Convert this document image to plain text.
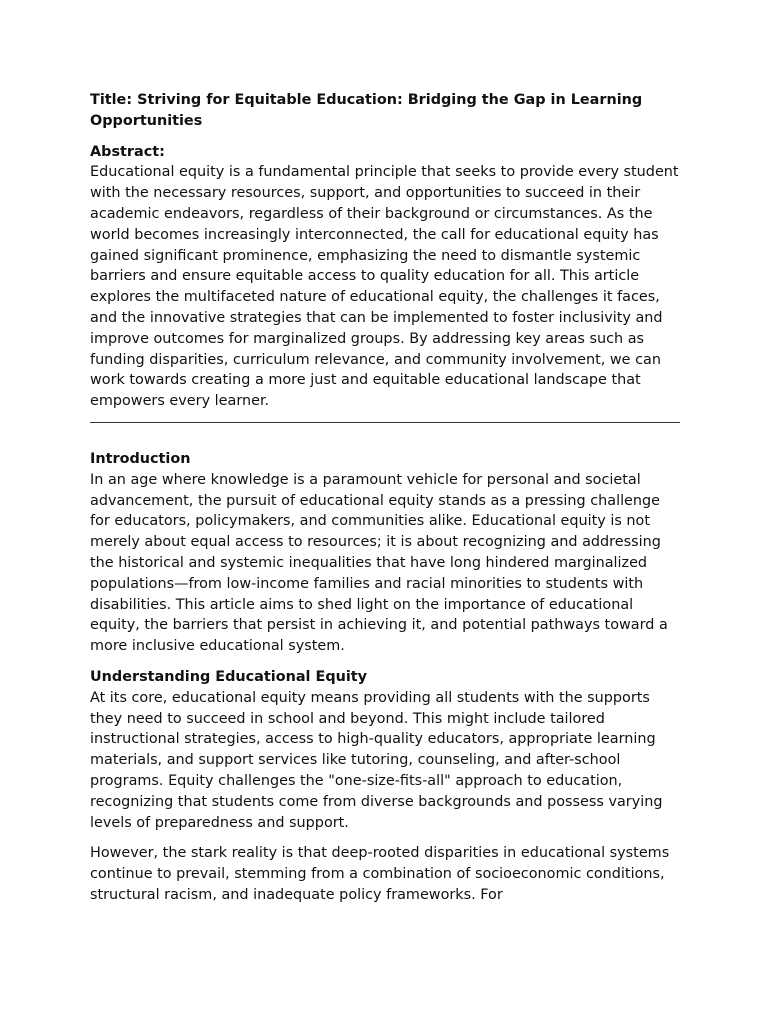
Title: Striving for Equitable Education: Bridging the Gap in Learning Opportunities
Abstract:

Educational equity is a fundamental principle that seeks to provide every student with the necessary resources, support, and opportunities to succeed in their academic endeavors, regardless of their background or circumstances. As the world becomes increasingly interconnected, the call for educational equity has gained significant prominence, emphasizing the need to dismantle systemic barriers and ensure equitable access to quality education for all. This article explores the multifaceted nature of educational equity, the challenges it faces, and the innovative strategies that can be implemented to foster inclusivity and improve outcomes for marginalized groups. By addressing key areas such as funding disparities, curriculum relevance, and community involvement, we can work towards creating a more just and equitable educational landscape that empowers every learner.

Introduction

In an age where knowledge is a paramount vehicle for personal and societal advancement, the pursuit of educational equity stands as a pressing challenge for educators, policymakers, and communities alike. Educational equity is not merely about equal access to resources; it is about recognizing and addressing the historical and systemic inequalities that have long hindered marginalized populations—from low-income families and racial minorities to students with disabilities. This article aims to shed light on the importance of educational equity, the barriers that persist in achieving it, and potential pathways toward a more inclusive educational system.

Understanding Educational Equity

At its core, educational equity means providing all students with the supports they need to succeed in school and beyond. This might include tailored instructional strategies, access to high-quality educators, appropriate learning materials, and support services like tutoring, counseling, and after-school programs. Equity challenges the "one-size-fits-all" approach to education, recognizing that students come from diverse backgrounds and possess varying levels of preparedness and support.

However, the stark reality is that deep-rooted disparities in educational systems continue to prevail, stemming from a combination of socioeconomic conditions, structural racism, and inadequate policy frameworks. For
